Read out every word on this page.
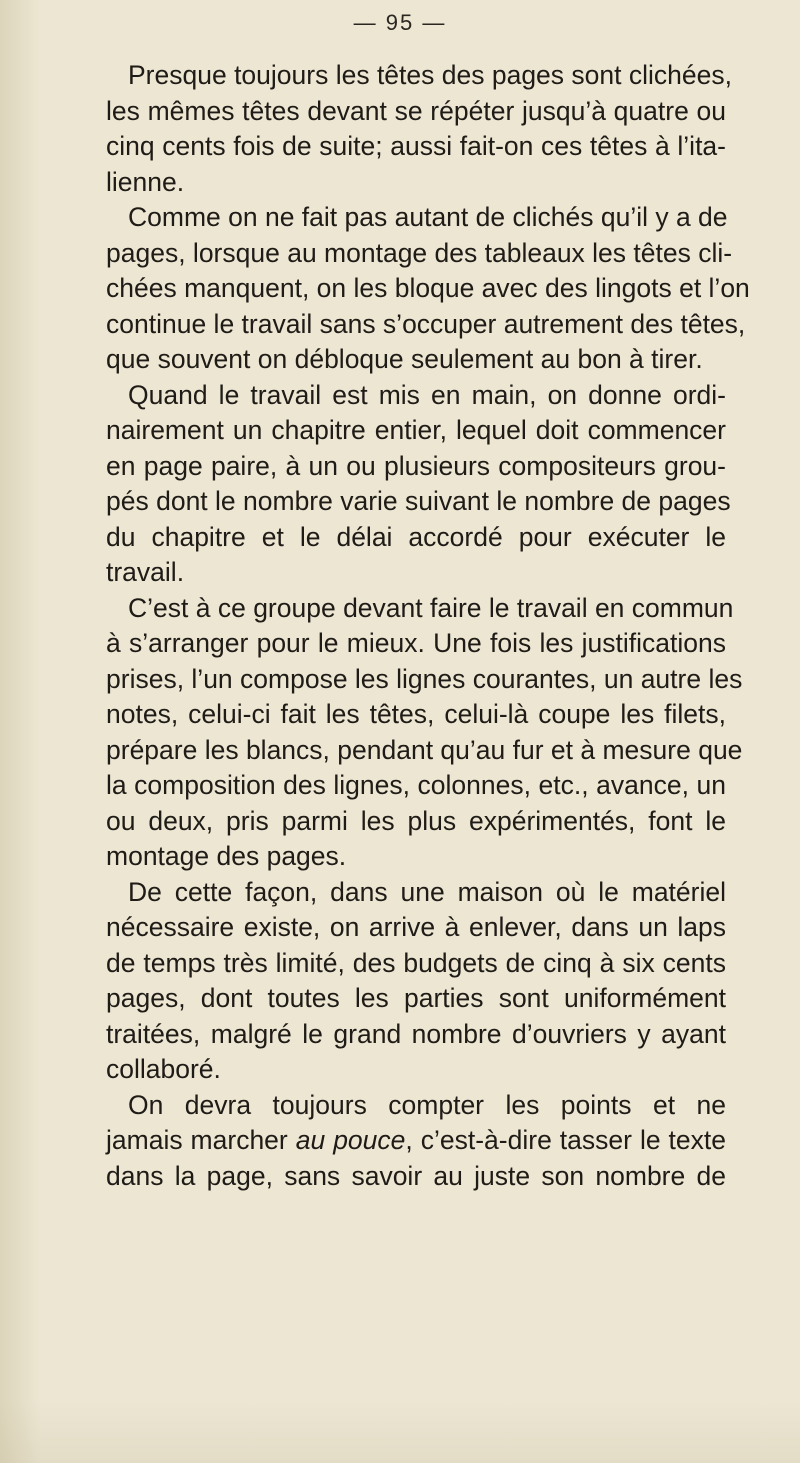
— 95 —
Presque toujours les têtes des pages sont clichées,
les mêmes têtes devant se répéter jusqu’à quatre ou
cinq cents fois de suite; aussi fait-on ces têtes à l’ita-
lienne.
Comme on ne fait pas autant de clichés qu’il y a de
pages, lorsque au montage des tableaux les têtes cli-
chées manquent, on les bloque avec des lingots et l’on
continue le travail sans s’occuper autrement des têtes,
que souvent on débloque seulement au bon à tirer.
Quand le travail est mis en main, on donne ordi-
nairement un chapitre entier, lequel doit commencer
en page paire, à un ou plusieurs compositeurs grou-
pés dont le nombre varie suivant le nombre de pages
du chapitre et le délai accordé pour exécuter le
travail.
C’est à ce groupe devant faire le travail en commun
à s’arranger pour le mieux. Une fois les justifications
prises, l’un compose les lignes courantes, un autre les
notes, celui-ci fait les têtes, celui-là coupe les filets,
prépare les blancs, pendant qu’au fur et à mesure que
la composition des lignes, colonnes, etc., avance, un
ou deux, pris parmi les plus expérimentés, font le
montage des pages.
De cette façon, dans une maison où le matériel
nécessaire existe, on arrive à enlever, dans un laps
de temps très limité, des budgets de cinq à six cents
pages, dont toutes les parties sont uniformément
traitées, malgré le grand nombre d’ouvriers y ayant
collaboré.
On devra toujours compter les points et ne
jamais marcher au pouce, c’est-à-dire tasser le texte
dans la page, sans savoir au juste son nombre de
